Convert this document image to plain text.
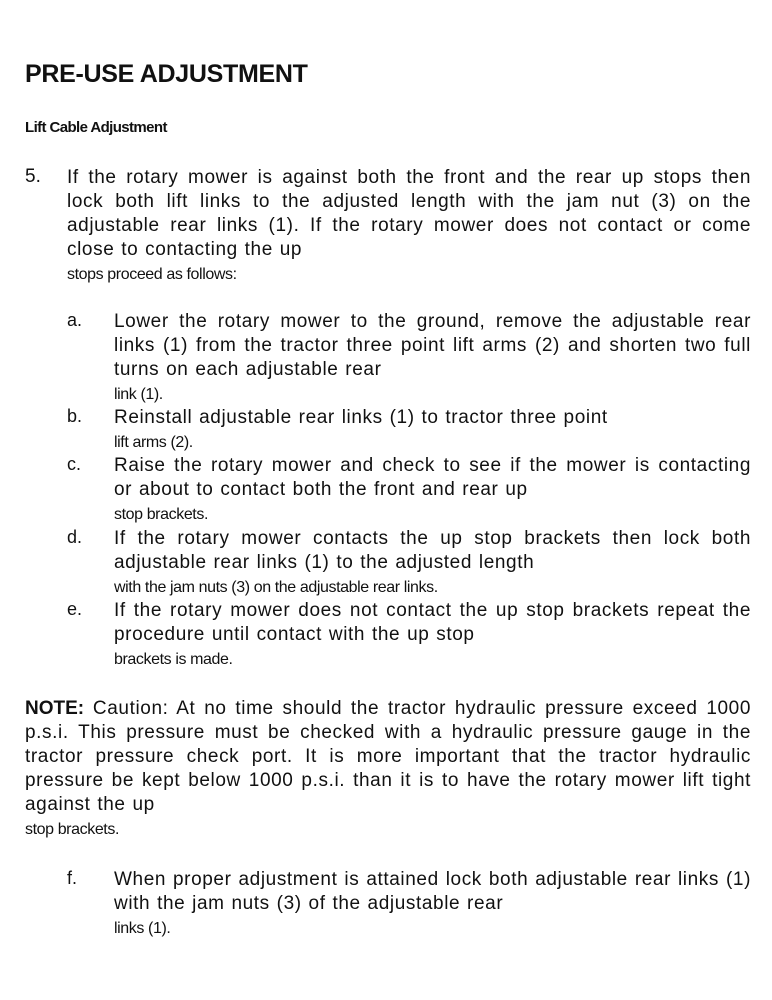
PRE-USE ADJUSTMENT
Lift Cable Adjustment
5. If the rotary mower is against both the front and the rear up stops then lock both lift links to the adjusted length with the jam nut (3) on the adjustable rear links (1). If the rotary mower does not contact or come close to contacting the up
stops proceed as follows:
a. Lower the rotary mower to the ground, remove the adjustable rear links (1) from the tractor three point lift arms (2) and shorten two full turns on each adjustable rear
link (1).
b. Reinstall adjustable rear links (1) to tractor three point
lift arms (2).
c. Raise the rotary mower and check to see if the mower is contacting or about to contact both the front and rear up
stop brackets.
d. If the rotary mower contacts the up stop brackets then lock both adjustable rear links (1) to the adjusted length
with the jam nuts (3) on the adjustable rear links.
e. If the rotary mower does not contact the up stop brackets repeat the procedure until contact with the up stop
brackets is made.
NOTE: Caution: At no time should the tractor hydraulic pressure exceed 1000 p.s.i. This pressure must be checked with a hydraulic pressure gauge in the tractor pressure check port. It is more important that the tractor hydraulic pressure be kept below 1000 p.s.i. than it is to have the rotary mower lift tight against the up
stop brackets.
f. When proper adjustment is attained lock both adjustable rear links (1) with the jam nuts (3) of the adjustable rear
links (1).
